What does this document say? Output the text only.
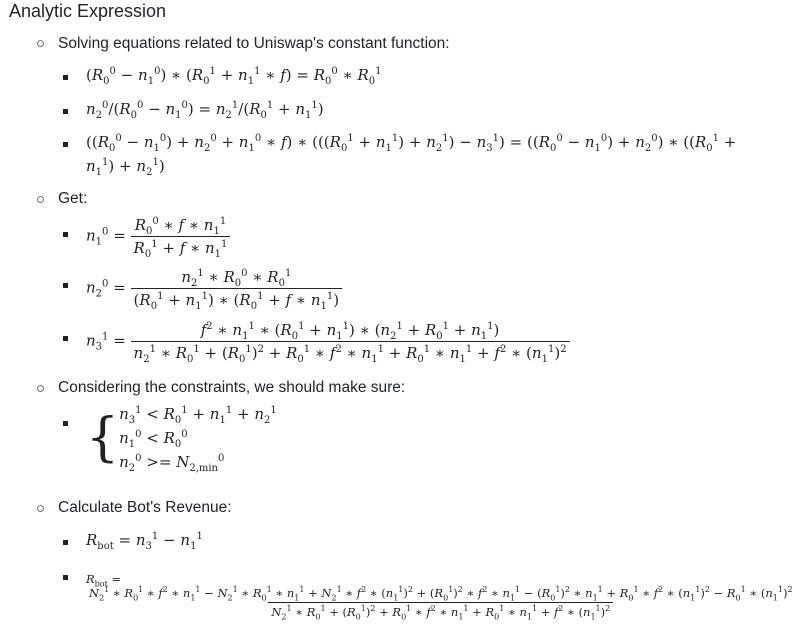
Analytic Expression
Solving equations related to Uniswap's constant function:
$(R_0^0 - n_1^0)$ ∗ ($R_0^1 + n_1^1$ ∗ $f) = R_0^0$ ∗ $R_0^1$
$n_2^0/(R_0^0 - n_1^0) = n_2^1/(R_0^1 + n_1^1)$
($(R_0^0 - n_1^0) + n_2^0 + n_1^0$ ∗ f) ∗ $(((R_0^1 + n_1^1) + n_2^1) - n_3^1) = ((R_0^0 - n_1^0) + n_2^0)$ ∗ (($R_0^1$ +
$n_1^1) + n_2^1$)
Get:
$n_1^0 = \frac{R_0^0 ∗ f ∗ n_1^1}{R_0^1 + f ∗ n_1^1}$
$n_2^0 = \frac{n_2^1 ∗ R_0^0 ∗ R_0^1}{(R_0^1 + n_1^1) ∗ (R_0^1 + f ∗ n_1^1)}$
$n_3^1$ =
$f^2$ ∗ $n_1^1$ ∗ $(R_0^1 + n_1^1)$ ∗ $(n_2^1 + R_0^1 + n_1^1)$
$n_2^1$ ∗ $R_0^1 + (R_0^1)^2 + R_0^1$ ∗ $f^2$ ∗ $n_1^1 + R_0^1$ ∗ $n_1^1 + f^2$ ∗ $(n_1^1)^2$
Considering the constraints, we should make sure:
{ $n_3^1 < R_0^1 + n_1^1 + n_2^1$
$n_1^0 < R_0^0$
$n_2^0 >= N_{2,min}^0$
Calculate Bot's Revenue:
$R_{bot} = n_3^1 - n_1^1$
$R_{bot}$ =
$N_2^1$ ∗ $R_0^1$ ∗ $f^2$ ∗ $n_1^1 - N_2^1$ ∗ $R_0^1$ ∗ $n_1^1 + N_2^1$ ∗ $f^2$ ∗ $(n_1^1)^2 + (R_0^1)^2$ ∗ $f^2$ ∗ $n_1^1 - (R_0^1)^2$ ∗ $n_1^1 + R_0^1$ ∗ $f^2$ ∗ $(n_1^1)^2 - R_0^1$ ∗ $(n_1^1)^2$
$N_2^1$ ∗ $R_0^1 + (R_0^1)^2 + R_0^1$ ∗ $f^2$ ∗ $n_1^1 + R_0^1$ ∗ $n_1^1 + f^2$ ∗ $(n_1^1)^2$
